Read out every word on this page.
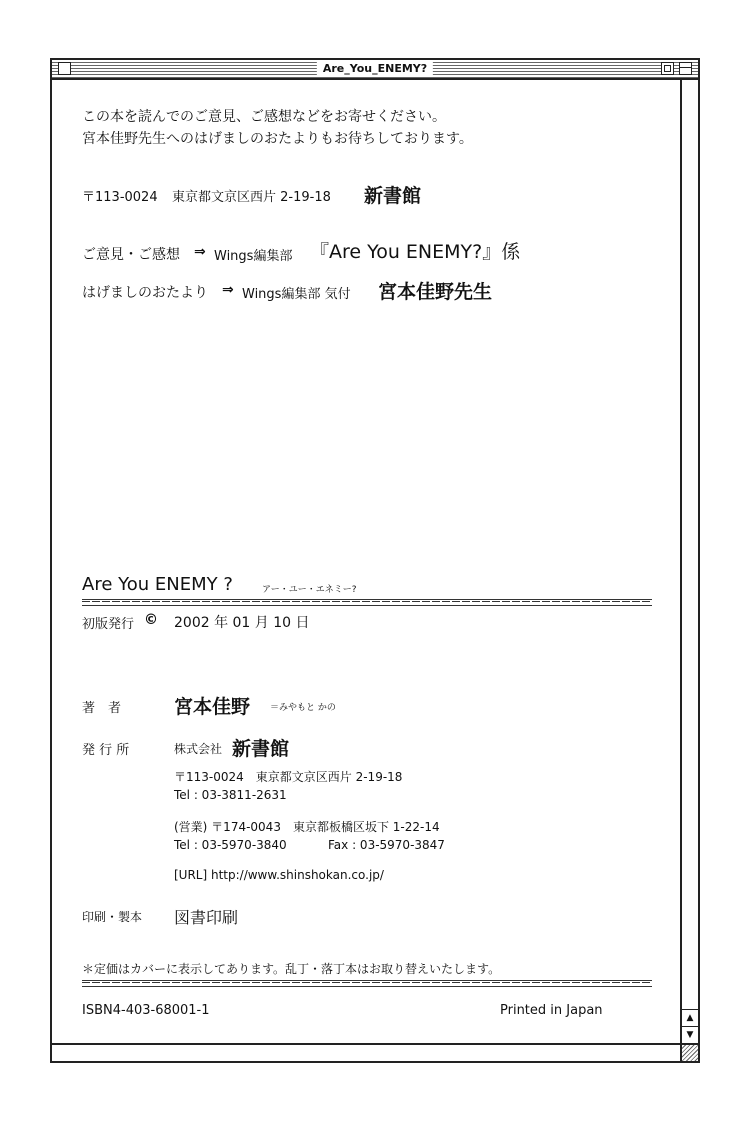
Are_You_ENEMY?
この本を読んでのご意見、ご感想などをお寄せください。
宮本佳野先生へのはげましのおたよりもお待ちしております。
〒113-0024 東京都文京区西片 2-19-18 新書館
ご意見・ご感想 ⇒ Wings編集部 『Are You ENEMY?』係
はげましのおたより ⇒ Wings編集部 気付 宮本佳野先生
Are You ENEMY ?	アー・ユー・エネミー?
初版発行 © 2002 年 01 月 10 日
著　者	宮本佳野 ＝みやもと かの
発 行 所	株式会社 新書館
〒113-0024　東京都文京区西片 2-19-18
Tel : 03-3811-2631
(営業) 〒174-0043　東京都板橋区坂下 1-22-14
Tel : 03-5970-3840	Fax : 03-5970-3847
[URL] http://www.shinshokan.co.jp/
印刷・製本 図書印刷
＊定価はカバーに表示してあります。乱丁・落丁本はお取り替えいたします。
ISBN4-403-68001-1	Printed in Japan	▲
▼
